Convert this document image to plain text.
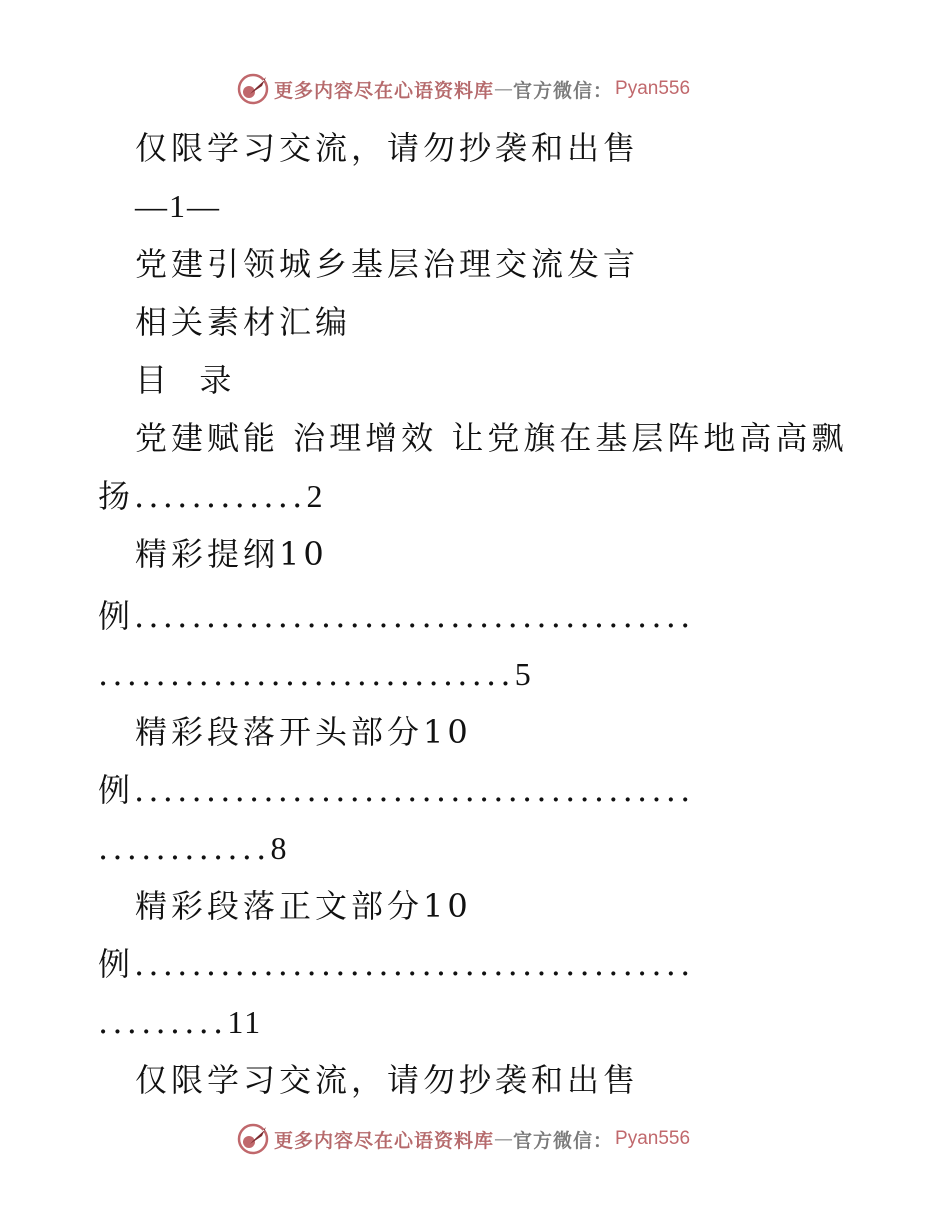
更多内容尽在心语资料库 — 官方微信： Pyan556
仅限学习交流，请勿抄袭和出售
—1—
党建引领城乡基层治理交流发言
相关素材汇编
目  录
党建赋能 治理增效 让党旗在基层阵地高高飘
扬............2
精彩提纲10
例.......................................
.............................5
精彩段落开头部分10
例.......................................
............8
精彩段落正文部分10
例.......................................
.........11
仅限学习交流，请勿抄袭和出售
更多内容尽在心语资料库 — 官方微信： Pyan556
